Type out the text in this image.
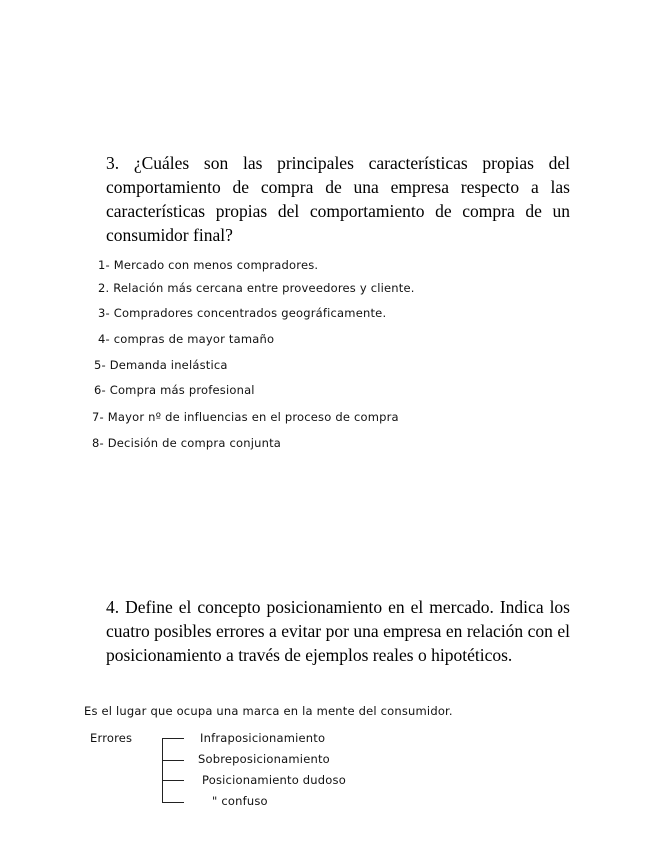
3. ¿Cuáles son las principales características propias del comportamiento de compra de una empresa respecto a las características propias del comportamiento de compra de un consumidor final?

1- Mercado con menos compradores.
2. Relación más cercana entre proveedores y cliente.
3- Compradores concentrados geográficamente.
4- compras de mayor tamaño
5- Demanda inelástica
6- Compra más profesional
7- Mayor nº de influencias en el proceso de compra
8- Decisión de compra conjunta

4. Define el concepto posicionamiento en el mercado. Indica los cuatro posibles errores a evitar por una empresa en relación con el posicionamiento a través de ejemplos reales o hipotéticos.

Es el lugar que ocupa una marca en la mente del consumidor.
Errores	Infraposicionamiento
Sobreposicionamiento
Posicionamiento dudoso
" confuso
